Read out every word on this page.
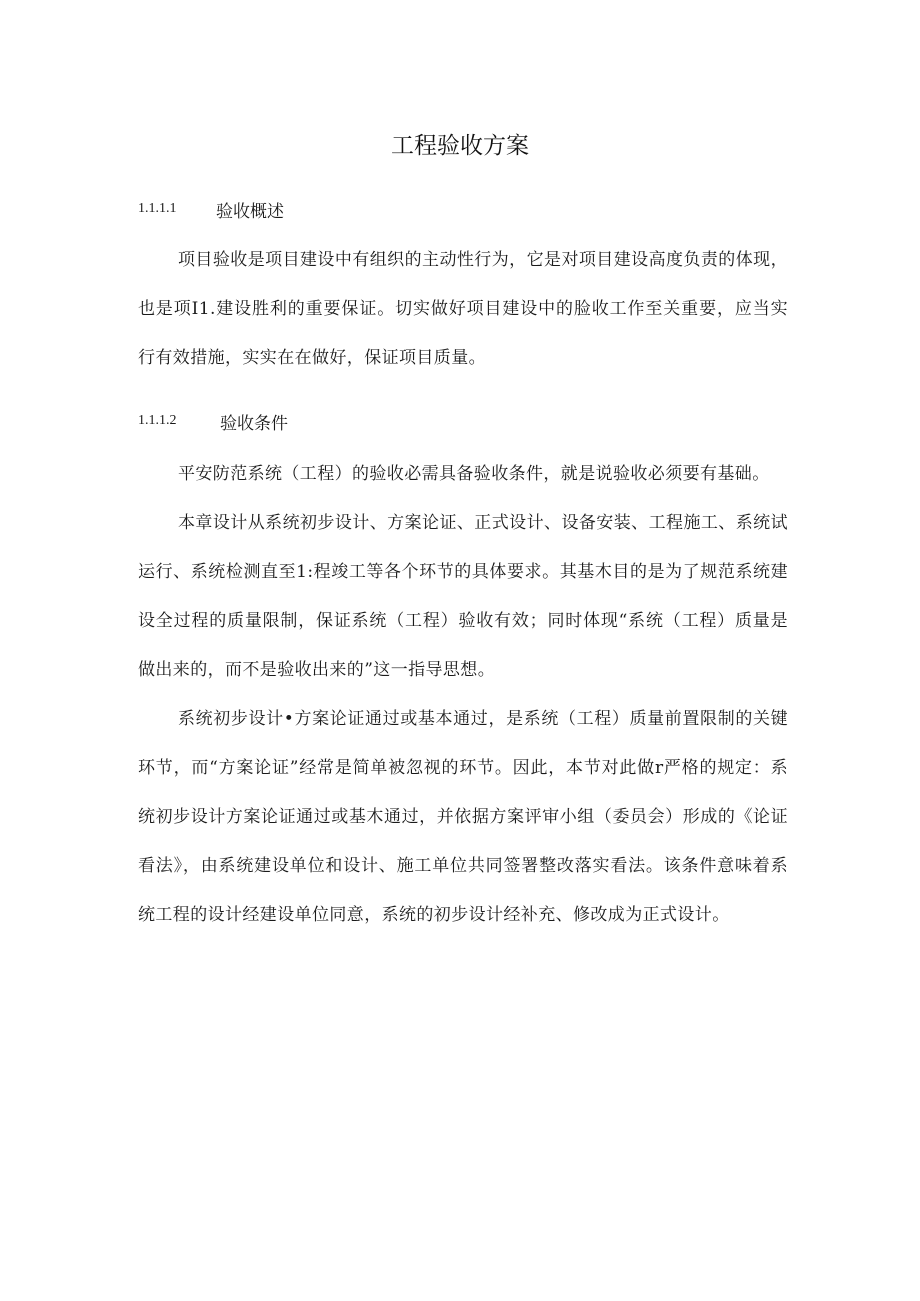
工程验收方案
1.1.1.1	验收概述

项目验收是项目建设中有组织的主动性行为，它是对项目建设高度负责的体现，也是项I1.建设胜利的重要保证。切实做好项目建设中的脸收工作至关重要，应当实行有效措施，实实在在做好，保证项目质量。

1.1.1.2	验收条件

平安防范系统（工程）的验收必需具备验收条件，就是说验收必须要有基础。

本章设计从系统初步设计、方案论证、正式设计、设备安装、工程施工、系统试运行、系统检测直至1:程竣工等各个环节的具体要求。其基木目的是为了规范系统建设全过程的质量限制，保证系统（工程）验收有效；同时体现“系统（工程）质量是做出来的，而不是验收出来的”这一指导思想。

系统初步设计•方案论证通过或基本通过，是系统（工程）质量前置限制的关键环节，而“方案论证”经常是简单被忽视的环节。因此，本节对此做r严格的规定：系统初步设计方案论证通过或基木通过，并依据方案评审小组（委员会）形成的《论证看法》，由系统建设单位和设计、施工单位共同签署整改落实看法。该条件意味着系统工程的设计经建设单位同意，系统的初步设计经补充、修改成为正式设计。
